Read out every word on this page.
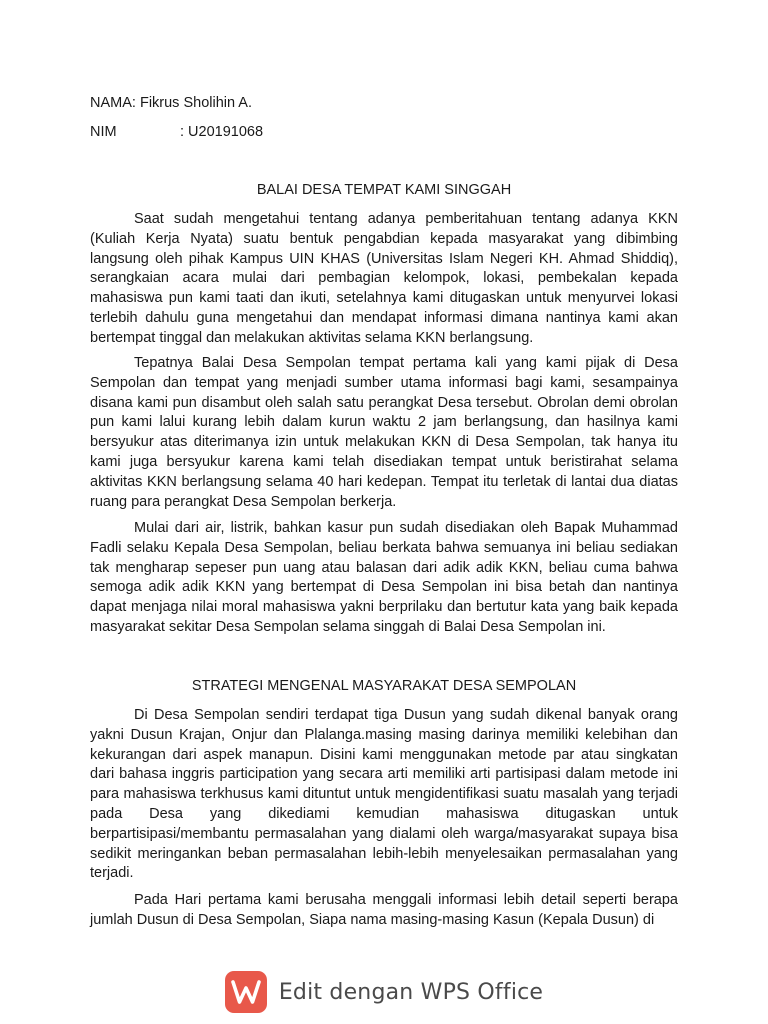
NAMA: Fikrus Sholihin A.
NIM	: U20191068
BALAI DESA TEMPAT KAMI SINGGAH

Saat sudah mengetahui tentang adanya pemberitahuan tentang adanya KKN (Kuliah Kerja Nyata) suatu bentuk pengabdian kepada masyarakat yang dibimbing langsung oleh pihak Kampus UIN KHAS (Universitas Islam Negeri KH. Ahmad Shiddiq), serangkaian acara mulai dari pembagian kelompok, lokasi, pembekalan kepada mahasiswa pun kami taati dan ikuti, setelahnya kami ditugaskan untuk menyurvei lokasi terlebih dahulu guna mengetahui dan mendapat informasi dimana nantinya kami akan bertempat tinggal dan melakukan aktivitas selama KKN berlangsung.

Tepatnya Balai Desa Sempolan tempat pertama kali yang kami pijak di Desa Sempolan dan tempat yang menjadi sumber utama informasi bagi kami, sesampainya disana kami pun disambut oleh salah satu perangkat Desa tersebut. Obrolan demi obrolan pun kami lalui kurang lebih dalam kurun waktu 2 jam berlangsung, dan hasilnya kami bersyukur atas diterimanya izin untuk melakukan KKN di Desa Sempolan, tak hanya itu kami juga bersyukur karena kami telah disediakan tempat untuk beristirahat selama aktivitas KKN berlangsung selama 40 hari kedepan. Tempat itu terletak di lantai dua diatas ruang para perangkat Desa Sempolan berkerja.

Mulai dari air, listrik, bahkan kasur pun sudah disediakan oleh Bapak Muhammad Fadli selaku Kepala Desa Sempolan, beliau berkata bahwa semuanya ini beliau sediakan tak mengharap sepeser pun uang atau balasan dari adik adik KKN, beliau cuma bahwa semoga adik adik KKN yang bertempat di Desa Sempolan ini bisa betah dan nantinya dapat menjaga nilai moral mahasiswa yakni berprilaku dan bertutur kata yang baik kepada masyarakat sekitar Desa Sempolan selama singgah di Balai Desa Sempolan ini.

STRATEGI MENGENAL MASYARAKAT DESA SEMPOLAN

Di Desa Sempolan sendiri terdapat tiga Dusun yang sudah dikenal banyak orang yakni Dusun Krajan, Onjur dan Plalanga.masing masing darinya memiliki kelebihan dan kekurangan dari aspek manapun. Disini kami menggunakan metode par atau singkatan dari bahasa inggris participation yang secara arti memiliki arti partisipasi dalam metode ini para mahasiswa terkhusus kami dituntut untuk mengidentifikasi suatu masalah yang terjadi pada Desa yang dikediami kemudian mahasiswa ditugaskan untuk berpartisipasi/membantu permasalahan yang dialami oleh warga/masyarakat supaya bisa sedikit meringankan beban permasalahan lebih-lebih menyelesaikan permasalahan yang terjadi.

Pada Hari pertama kami berusaha menggali informasi lebih detail seperti berapa jumlah Dusun di Desa Sempolan, Siapa nama masing-masing Kasun (Kepala Dusun) di

Edit dengan WPS Office
